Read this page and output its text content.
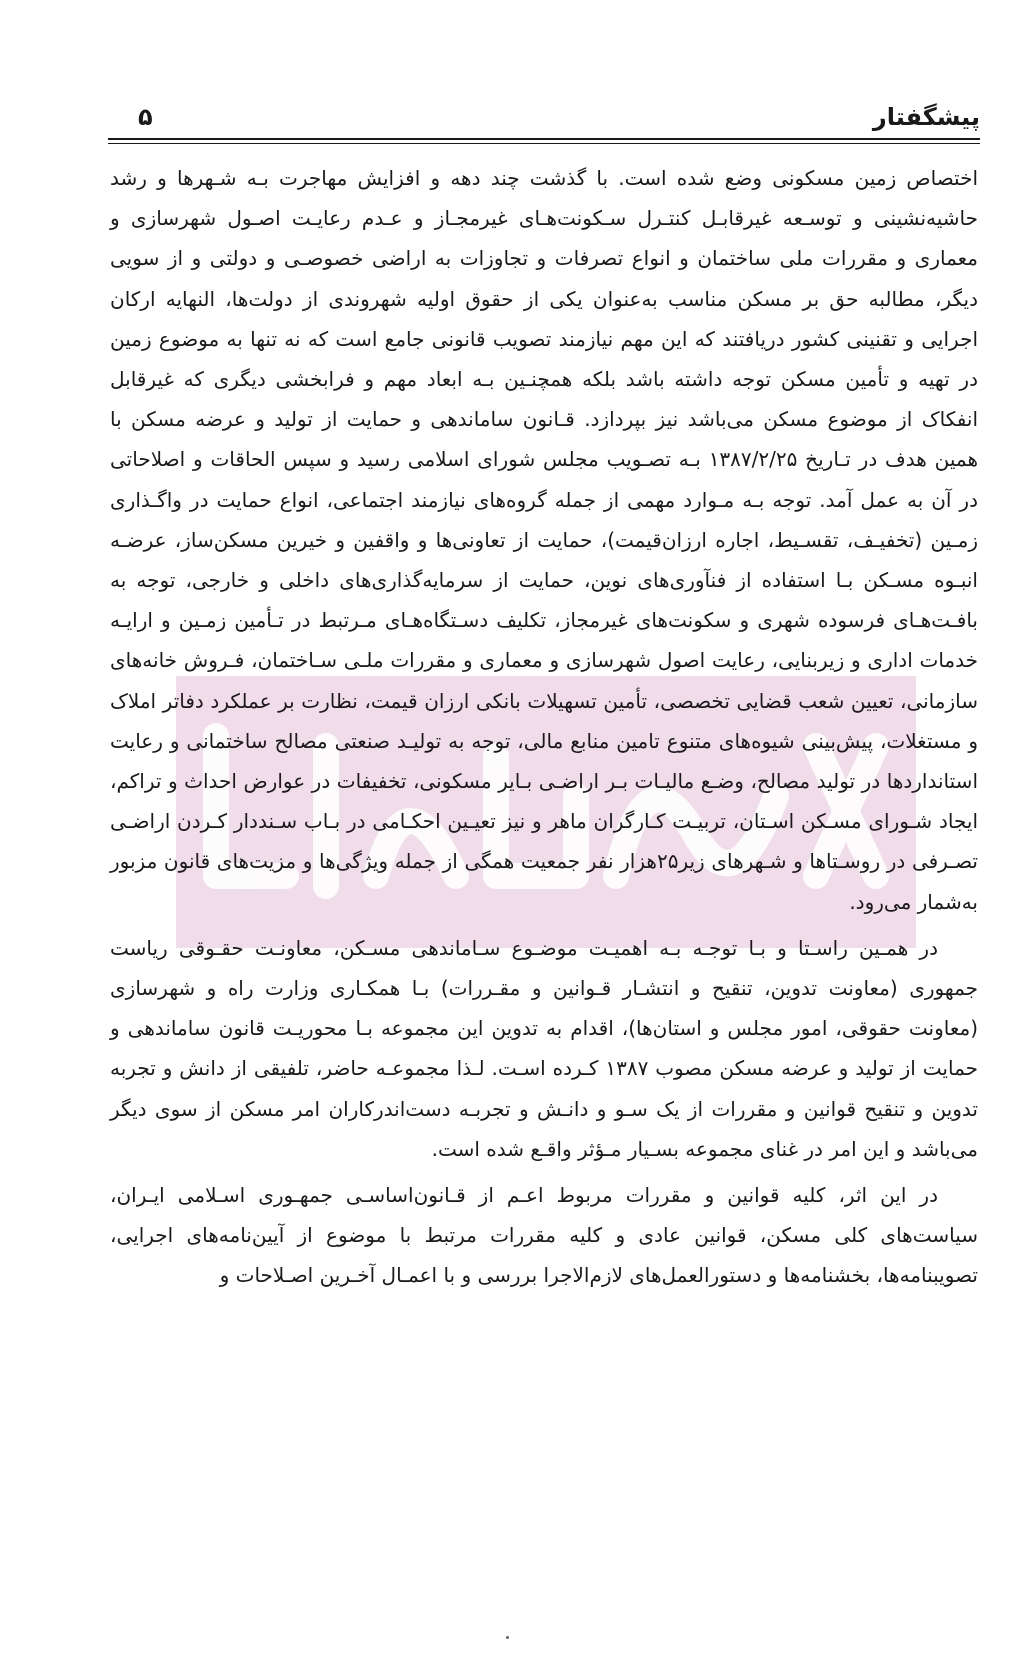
پیشگفتار
۵

اختصاص زمین مسکونی وضع شده است. با گذشت چند دهه و افزایش مهاجرت بـه شـهرها و رشد حاشیه‌نشینی و توسـعه غیرقابـل کنتـرل سـکونت‌هـای غیرمجـاز و عـدم رعایـت اصـول شهرسازی و معماری و مقررات ملی ساختمان و انواع تصرفات و تجاوزات به اراضی خصوصـی و دولتی و از سویی دیگر، مطالبه حق بر مسکن مناسب به‌عنوان یکی از حقوق اولیه شهروندی از دولت‌ها، النهایه ارکان اجرایی و تقنینی کشور دریافتند که این مهم نیازمند تصویب قانونی جامع است که نه تنها به موضوع زمین در تهیه و تأمین مسکن توجه داشته باشد بلکه همچنـین بـه ابعاد مهم و فرابخشی دیگری که غیرقابل انفکاک از موضوع مسکن می‌باشد نیز بپردازد. قـانون ساماندهی و حمایت از تولید و عرضه مسکن با همین هدف در تـاریخ ۱۳۸۷/۲/۲۵ بـه تصـویب مجلس شورای اسلامی رسید و سپس الحاقات و اصلاحاتی در آن به عمل آمد. توجه بـه مـوارد مهمی از جمله گروه‌های نیازمند اجتماعی، انواع حمایت در واگـذاری زمـین (تخفیـف، تقسـیط، اجاره ارزان‌قیمت)، حمایت از تعاونی‌ها و واقفین و خیرین مسکن‌ساز، عرضـه انبـوه مسـکن بـا استفاده از فنآوری‌های نوین، حمایت از سرمایه‌گذاری‌های داخلی و خارجی، توجه به بافـت‌هـای فرسوده شهری و سکونت‌های غیرمجاز، تکلیف دسـتگاه‌هـای مـرتبط در تـأمین زمـین و ارایـه خدمات اداری و زیربنایی، رعایت اصول شهرسازی و معماری و مقررات ملـی سـاختمان، فـروش خانه‌های سازمانی، تعیین شعب قضایی تخصصی، تأمین تسهیلات بانکی ارزان قیمت، نظارت بر عملکرد دفاتر املاک و مستغلات، پیش‌بینی شیوه‌های متنوع تامین منابع مالی، توجه به تولیـد صنعتی مصالح ساختمانی و رعایت استانداردها در تولید مصالح، وضـع مالیـات بـر اراضـی بـایر مسکونی، تخفیفات در عوارض احداث و تراکم، ایجاد شـورای مسـکن اسـتان، تربیـت کـارگران ماهر و نیز تعیـین احکـامی در بـاب سـنددار کـردن اراضـی تصـرفی در روسـتاها و شـهرهای زیر۲۵هزار نفر جمعیت همگی از جمله ویژگی‌ها و مزیت‌های قانون مزبور به‌شمار می‌رود.

در همـین راسـتا و بـا توجـه بـه اهمیـت موضـوع سـاماندهی مسـکن، معاونـت حقـوقی ریاست جمهوری (معاونت تدوین، تنقیح و انتشـار قـوانین و مقـررات) بـا همکـاری وزارت راه و شهرسازی (معاونت حقوقی، امور مجلس و استان‌ها)، اقدام به تدوین این مجموعه بـا محوریـت قانون ساماندهی و حمایت از تولید و عرضه مسکن مصوب ۱۳۸۷ کـرده اسـت. لـذا مجموعـه حاضر، تلفیقی از دانش و تجربه تدوین و تنقیح قوانین و مقررات از یک سـو و دانـش و تجربـه دست‌اندرکاران امر مسکن از سوی دیگر می‌باشد و این امر در غنای مجموعه بسـیار مـؤثر واقـع شده است.

در این اثر، کلیه قوانین و مقررات مربوط اعـم از قـانون‌اساسـی جمهـوری اسـلامی ایـران، سیاست‌های کلی مسکن، قوانین عادی و کلیه مقررات مرتبط با موضوع از آیین‌نامه‌های اجرایی، تصویبنامه‌ها، بخشنامه‌ها و دستورالعمل‌های لازم‌الاجرا بررسی و با اعمـال آخـرین اصـلاحات و
